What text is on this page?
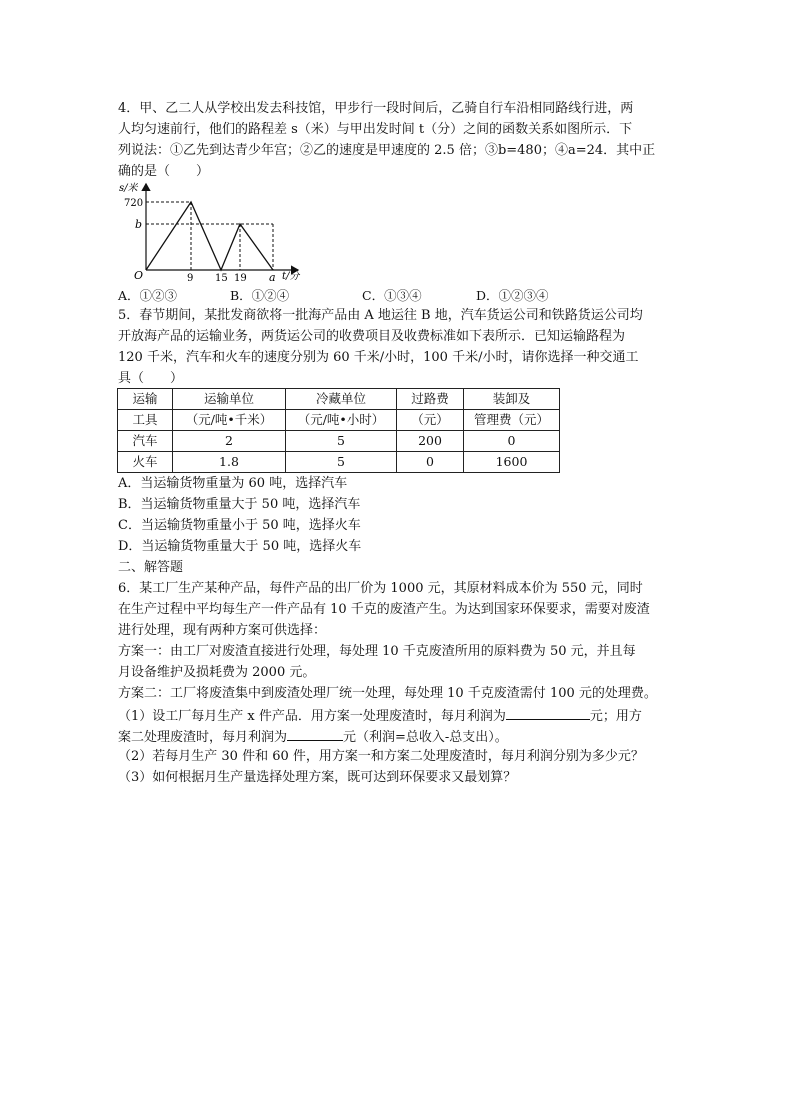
4．甲、乙二人从学校出发去科技馆，甲步行一段时间后，乙骑自行车沿相同路线行进，两
人均匀速前行，他们的路程差 s（米）与甲出发时间 t（分）之间的函数关系如图所示．下
列说法：①乙先到达青少年宫；②乙的速度是甲速度的 2.5 倍；③b=480；④a=24．其中正
确的是（　　）
s/米
720
b
O	9 15 19 a t/分
A．①②③	B．①②④	C．①③④	D．①②③④
5．春节期间，某批发商欲将一批海产品由 A 地运往 B 地，汽车货运公司和铁路货运公司均
开放海产品的运输业务，两货运公司的收费项目及收费标准如下表所示．已知运输路程为
120 千米，汽车和火车的速度分别为 60 千米/小时，100 千米/小时，请你选择一种交通工
具（　　）
运输	运输单位	冷藏单位	过路费	装卸及
工具	（元/吨•千米）	（元/吨•小时）	（元）	管理费（元）
汽车	2	5	200	0
火车	1.8	5	0	1600
A．当运输货物重量为 60 吨，选择汽车
B．当运输货物重量大于 50 吨，选择汽车
C．当运输货物重量小于 50 吨，选择火车
D．当运输货物重量大于 50 吨，选择火车
二、解答题
6．某工厂生产某种产品，每件产品的出厂价为 1000 元，其原材料成本价为 550 元，同时
在生产过程中平均每生产一件产品有 10 千克的废渣产生。为达到国家环保要求，需要对废渣
进行处理，现有两种方案可供选择：
方案一：由工厂对废渣直接进行处理，每处理 10 千克废渣所用的原料费为 50 元，并且每
月设备维护及损耗费为 2000 元。
方案二：工厂将废渣集中到废渣处理厂统一处理，每处理 10 千克废渣需付 100 元的处理费。
（1）设工厂每月生产 x 件产品．用方案一处理废渣时，每月利润为	元；用方
案二处理废渣时，每月利润为	元（利润=总收入-总支出）。
（2）若每月生产 30 件和 60 件，用方案一和方案二处理废渣时，每月利润分别为多少元？
（3）如何根据月生产量选择处理方案，既可达到环保要求又最划算？
